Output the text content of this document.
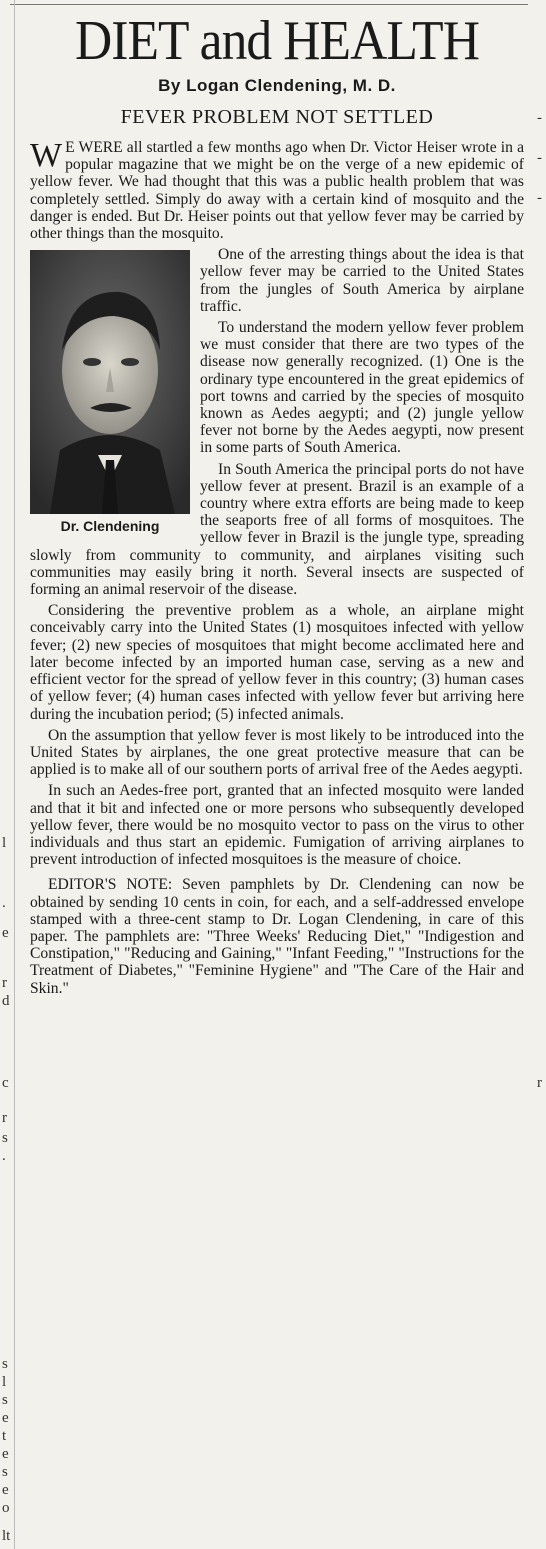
l
.
e
r
d
c
r
s
.
s
l
s
e
t
e
s
e
o
lt
-
-
-
r
DIET and HEALTH
By Logan Clendening, M. D.
FEVER PROBLEM NOT SETTLED

W E WERE all startled a few months ago when Dr. Victor Heiser wrote in a popular magazine that we might be on the verge of a new epidemic of yellow fever. We had thought that this was a public health problem that was completely settled. Simply do away with a certain kind of mosquito and the danger is ended. But Dr. Heiser points out that yellow fever may be carried by other things than the mosquito.

Dr. Clendening

One of the arresting things about the idea is that yellow fever may be carried to the United States from the jungles of South America by airplane traffic.

To understand the modern yellow fever problem we must consider that there are two types of the disease now generally recognized. (1) One is the ordinary type encountered in the great epidemics of port towns and carried by the species of mosquito known as Aedes aegypti; and (2) jungle yellow fever not borne by the Aedes aegypti, now present in some parts of South America.

In South America the principal ports do not have yellow fever at present. Brazil is an example of a country where extra efforts are being made to keep the seaports free of all forms of mosquitoes. The yellow fever in Brazil is the jungle type, spreading slowly from community to community, and airplanes visiting such communities may easily bring it north. Several insects are suspected of forming an animal reservoir of the disease.

Considering the preventive problem as a whole, an airplane might conceivably carry into the United States (1) mosquitoes infected with yellow fever; (2) new species of mosquitoes that might become acclimated here and later become infected by an imported human case, serving as a new and efficient vector for the spread of yellow fever in this country; (3) human cases of yellow fever; (4) human cases infected with yellow fever but arriving here during the incubation period; (5) infected animals.

On the assumption that yellow fever is most likely to be introduced into the United States by airplanes, the one great protective measure that can be applied is to make all of our southern ports of arrival free of the Aedes aegypti.

In such an Aedes-free port, granted that an infected mosquito were landed and that it bit and infected one or more persons who subsequently developed yellow fever, there would be no mosquito vector to pass on the virus to other individuals and thus start an epidemic. Fumigation of arriving airplanes to prevent introduction of infected mosquitoes is the measure of choice.

EDITOR'S NOTE: Seven pamphlets by Dr. Clendening can now be obtained by sending 10 cents in coin, for each, and a self-addressed envelope stamped with a three-cent stamp to Dr. Logan Clendening, in care of this paper. The pamphlets are: "Three Weeks' Reducing Diet," "Indigestion and Constipation," "Reducing and Gaining," "Infant Feeding," "Instructions for the Treatment of Diabetes," "Feminine Hygiene" and "The Care of the Hair and Skin."
